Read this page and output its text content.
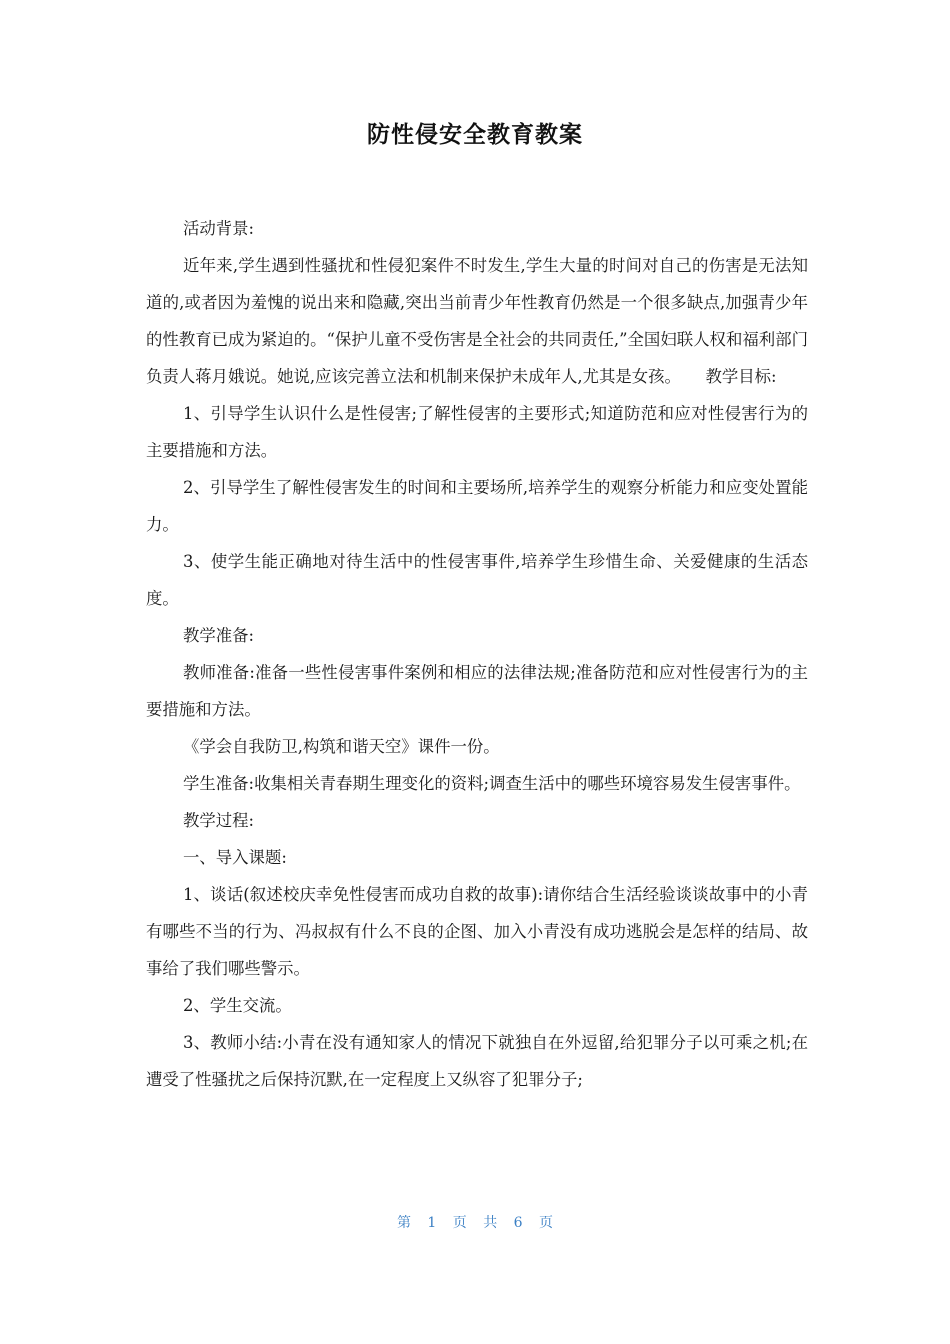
防性侵安全教育教案

活动背景:

近年来,学生遇到性骚扰和性侵犯案件不时发生,学生大量的时间对自己的伤害是无法知道的,或者因为羞愧的说出来和隐藏,突出当前青少年性教育仍然是一个很多缺点,加强青少年的性教育已成为紧迫的。“保护儿童不受伤害是全社会的共同责任,”全国妇联人权和福利部门负责人蒋月娥说。她说,应该完善立法和机制来保护未成年人,尤其是女孩。　　教学目标:

1、引导学生认识什么是性侵害;了解性侵害的主要形式;知道防范和应对性侵害行为的主要措施和方法。

2、引导学生了解性侵害发生的时间和主要场所,培养学生的观察分析能力和应变处置能力。

3、使学生能正确地对待生活中的性侵害事件,培养学生珍惜生命、关爱健康的生活态度。

教学准备:

教师准备:准备一些性侵害事件案例和相应的法律法规;准备防范和应对性侵害行为的主要措施和方法。

《学会自我防卫,构筑和谐天空》课件一份。

学生准备:收集相关青春期生理变化的资料;调查生活中的哪些环境容易发生侵害事件。

教学过程:

一、导入课题:

1、谈话(叙述校庆幸免性侵害而成功自救的故事):请你结合生活经验谈谈故事中的小青有哪些不当的行为、冯叔叔有什么不良的企图、加入小青没有成功逃脱会是怎样的结局、故事给了我们哪些警示。

2、学生交流。

3、教师小结:小青在没有通知家人的情况下就独自在外逗留,给犯罪分子以可乘之机;在遭受了性骚扰之后保持沉默,在一定程度上又纵容了犯罪分子;

第 1 页 共 6 页
